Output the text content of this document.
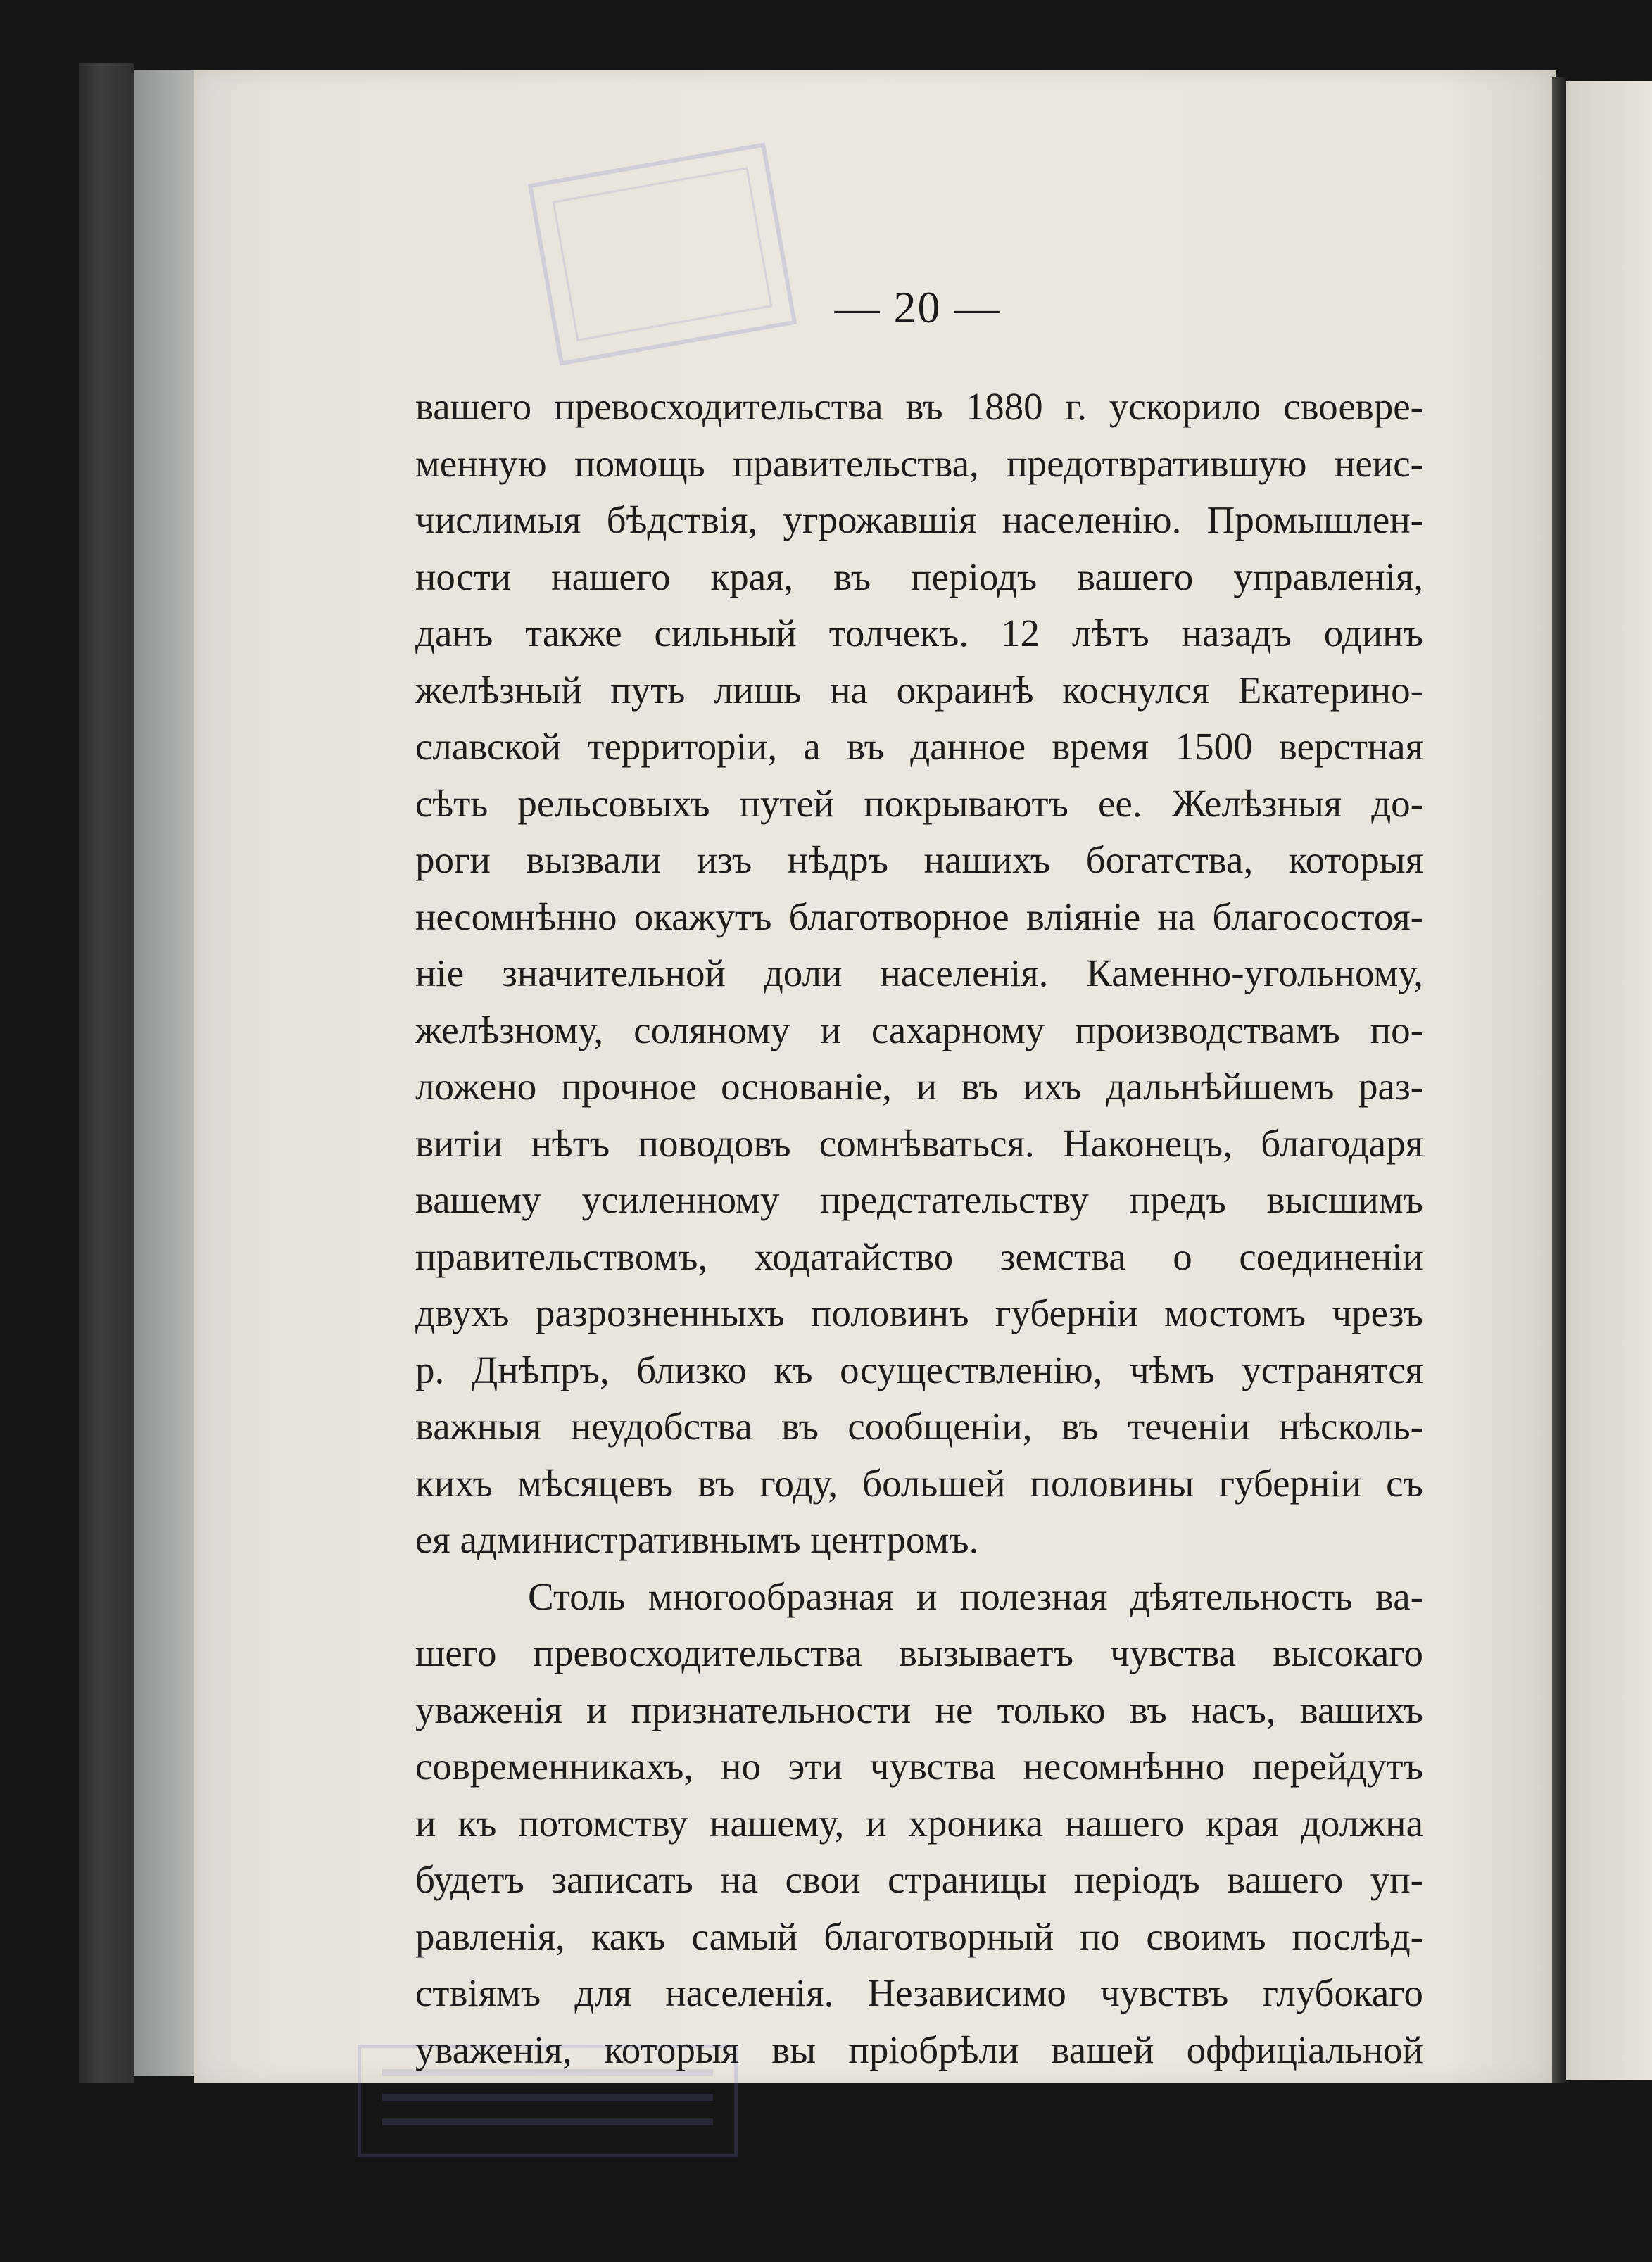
— 20 —
вашего превосходительства въ 1880 г. ускорило своевре-
менную помощь правительства, предотвратившую неис-
числимыя бѣдствія, угрожавшія населенію. Промышлен-
ности нашего края, въ періодъ вашего управленія,
данъ также сильный толчекъ. 12 лѣтъ назадъ одинъ
желѣзный путь лишь на окраинѣ коснулся Екатерино-
славской территоріи, а въ данное время 1500 верстная
сѣть рельсовыхъ путей покрываютъ ее. Желѣзныя до-
роги вызвали изъ нѣдръ нашихъ богатства, которыя
несомнѣнно окажутъ благотворное вліяніе на благосостоя-
ніе значительной доли населенія. Каменно-угольному,
желѣзному, соляному и сахарному производствамъ по-
ложено прочное основаніе, и въ ихъ дальнѣйшемъ раз-
витіи нѣтъ поводовъ сомнѣваться. Наконецъ, благодаря
вашему усиленному предстательству предъ высшимъ
правительствомъ, ходатайство земства о соединеніи
двухъ разрозненныхъ половинъ губерніи мостомъ чрезъ
р. Днѣпръ, близко къ осуществленію, чѣмъ устранятся
важныя неудобства въ сообщеніи, въ теченіи нѣсколь-
кихъ мѣсяцевъ въ году, большей половины губерніи съ
ея административнымъ центромъ.
Столь многообразная и полезная дѣятельность ва-
шего превосходительства вызываетъ чувства высокаго
уваженія и признательности не только въ насъ, вашихъ
современникахъ, но эти чувства несомнѣнно перейдутъ
и къ потомству нашему, и хроника нашего края должна
будетъ записать на свои страницы періодъ вашего уп-
равленія, какъ самый благотворный по своимъ послѣд-
ствіямъ для населенія. Независимо чувствъ глубокаго
уваженія, которыя вы пріобрѣли вашей оффиціальной
